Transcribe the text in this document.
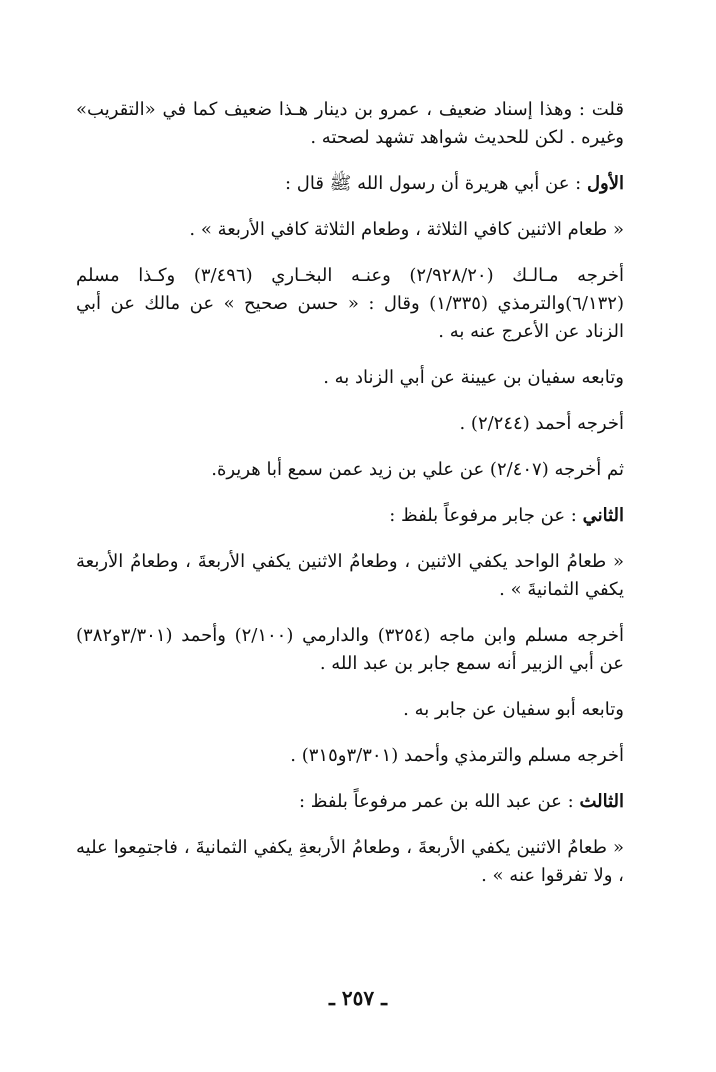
قلت : وهذا إسناد ضعيف ، عمرو بن دينار هـذا ضعيف كما في «التقريب» وغيره . لكن للحديث شواهد تشهد لصحته .

الأول : عن أبي هريرة أن رسول الله ﷺ قال :

« طعام الاثنين كافي الثلاثة ، وطعام الثلاثة كافي الأربعة » .

أخرجه مـالـك (٢/٩٢٨/٢٠) وعنـه البخـاري (٣/٤٩٦) وكـذا مسلم (٦/١٣٢)والترمذي (١/٣٣٥) وقال : « حسن صحيح » عن مالك عن أبي الزناد عن الأعرج عنه به .

وتابعه سفيان بن عيينة عن أبي الزناد به .

أخرجه أحمد (٢/٢٤٤) .

ثم أخرجه (٢/٤٠٧) عن علي بن زيد عمن سمع أبا هريرة.

الثاني : عن جابر مرفوعاً بلفظ :

« طعامُ الواحد يكفي الاثنين ، وطعامُ الاثنين يكفي الأربعةَ ، وطعامُ الأربعة يكفي الثمانيةَ » .

أخرجه مسلم وابن ماجه (٣٢٥٤) والدارمي (٢/١٠٠) وأحمد (٣/٣٠١و٣٨٢) عن أبي الزبير أنه سمع جابر بن عبد الله .

وتابعه أبو سفيان عن جابر به .

أخرجه مسلم والترمذي وأحمد (٣/٣٠١و٣١٥) .

الثالث : عن عبد الله بن عمر مرفوعاً بلفظ :

« طعامُ الاثنين يكفي الأربعةَ ، وطعامُ الأربعةِ يكفي الثمانيةَ ، فاجتمِعوا عليه ، ولا تفرقوا عنه » .

ـ ٢٥٧ ـ
